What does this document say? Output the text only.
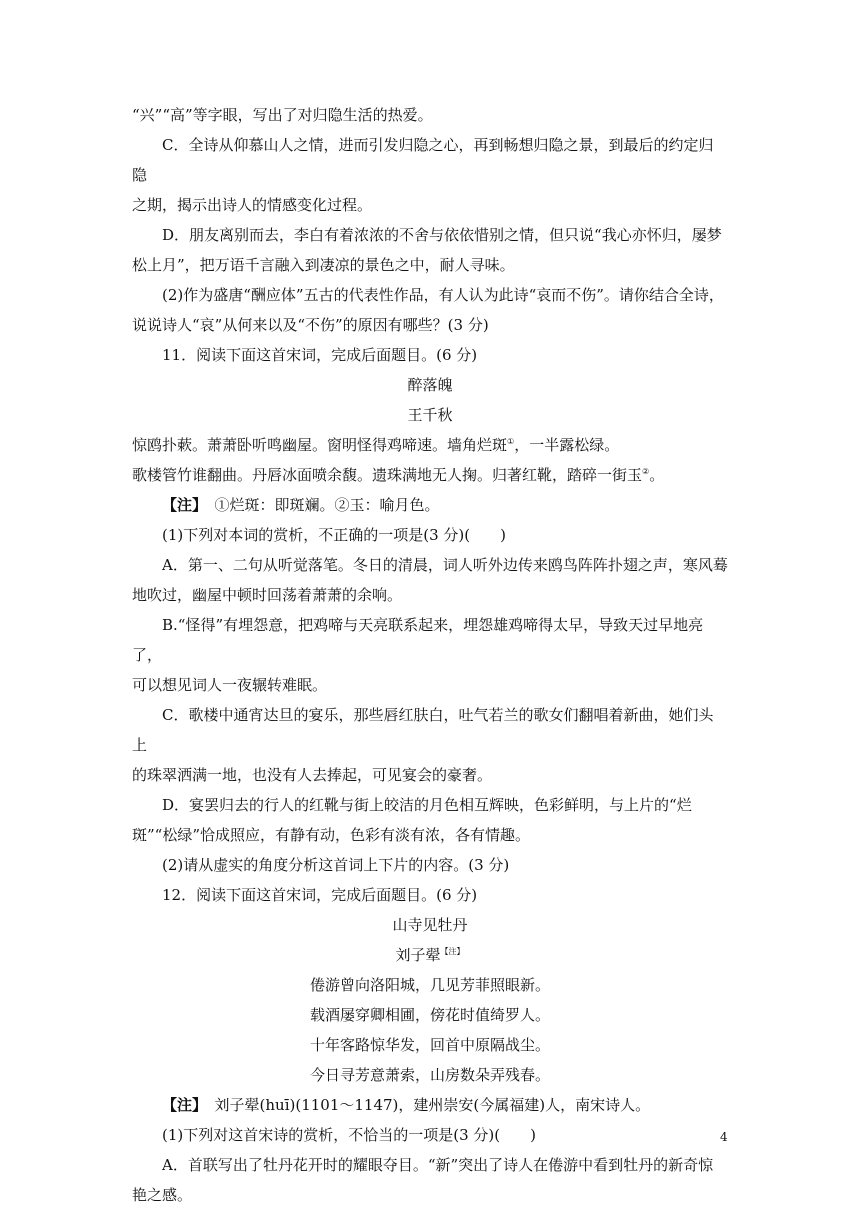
“兴”“高”等字眼，写出了对归隐生活的热爱。

C．全诗从仰慕山人之情，进而引发归隐之心，再到畅想归隐之景，到最后的约定归隐

之期，揭示出诗人的情感变化过程。

D．朋友离别而去，李白有着浓浓的不舍与依依惜别之情，但只说“我心亦怀归，屡梦

松上月”，把万语千言融入到凄凉的景色之中，耐人寻味。

(2)作为盛唐“酬应体”五古的代表性作品，有人认为此诗“哀而不伤”。请你结合全诗，

说说诗人“哀”从何来以及“不伤”的原因有哪些？(3 分)

11．阅读下面这首宋词，完成后面题目。(6 分)

醉落魄

王千秋

惊鸥扑蔌。萧萧卧听鸣幽屋。窗明怪得鸡啼速。墙角烂斑①，一半露松绿。

歌楼管竹谁翻曲。丹唇冰面喷余馥。遗珠满地无人掬。归著红靴，踏碎一街玉②。

【注】　 ①烂斑：即斑斓。②玉：喻月色。

(1)下列对本词的赏析，不正确的一项是(3 分)(　　)

A．第一、二句从听觉落笔。冬日的清晨，词人听外边传来鸥鸟阵阵扑翅之声，寒风蓦

地吹过，幽屋中顿时回荡着萧萧的余响。

B.“怪得”有埋怨意，把鸡啼与天亮联系起来，埋怨雄鸡啼得太早，导致天过早地亮了，

可以想见词人一夜辗转难眠。

C．歌楼中通宵达旦的宴乐，那些唇红肤白，吐气若兰的歌女们翻唱着新曲，她们头上

的珠翠洒满一地，也没有人去捧起，可见宴会的豪奢。

D．宴罢归去的行人的红靴与街上皎洁的月色相互辉映，色彩鲜明，与上片的“烂

斑”“松绿”恰成照应，有静有动，色彩有淡有浓，各有情趣。

(2)请从虚实的角度分析这首词上下片的内容。(3 分)

12．阅读下面这首宋词，完成后面题目。(6 分)

山寺见牡丹

刘子翚$^{【注】}$

倦游曾向洛阳城，几见芳菲照眼新。

载酒屡穿卿相圃，傍花时值绮罗人。

十年客路惊华发，回首中原隔战尘。

今日寻芳意萧索，山房数朵弄残春。

【注】　 刘子翚(huī)(1101～1147)，建州崇安(今属福建)人，南宋诗人。

(1)下列对这首宋诗的赏析，不恰当的一项是(3 分)(　　)

A．首联写出了牡丹花开时的耀眼夺目。“新”突出了诗人在倦游中看到牡丹的新奇惊

艳之感。

4
